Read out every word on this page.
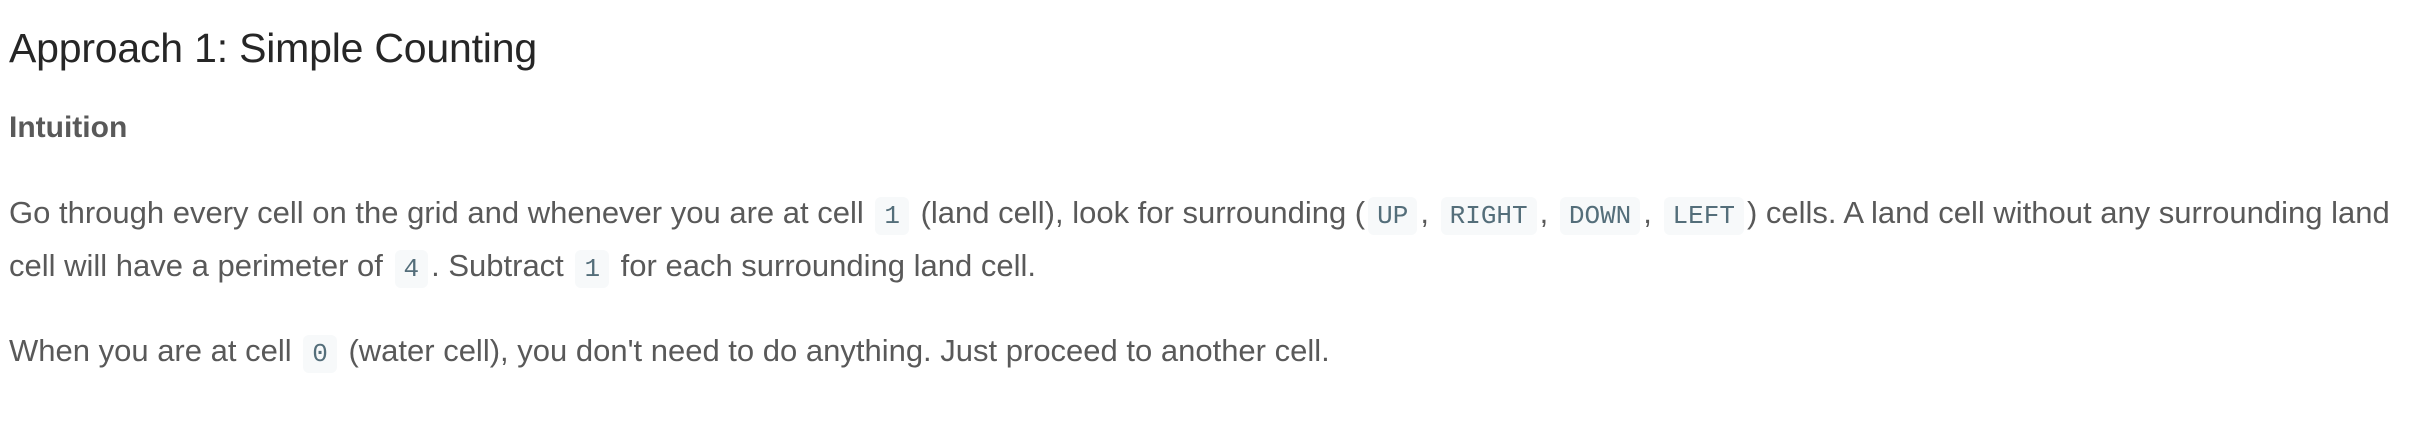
Approach 1: Simple Counting
Intuition

Go through every cell on the grid and whenever you are at cell 1 (land cell), look for surrounding ( UP , RIGHT , DOWN , LEFT ) cells. A land cell without any surrounding land cell will have a perimeter of 4 . Subtract 1 for each surrounding land cell.

When you are at cell 0 (water cell), you don't need to do anything. Just proceed to another cell.
